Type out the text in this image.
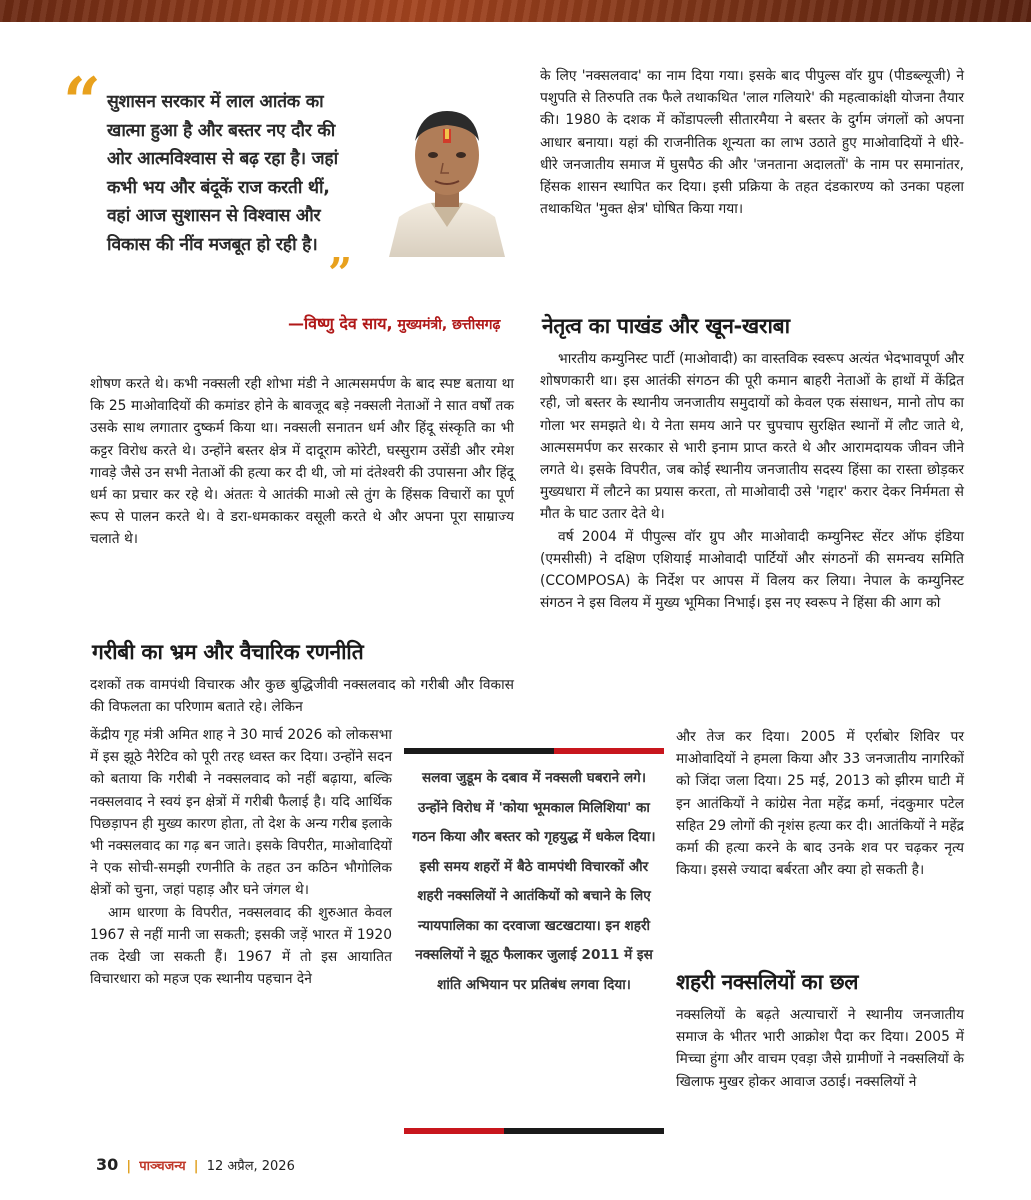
“ सुशासन सरकार में लाल आतंक का
खात्मा हुआ है और बस्तर नए दौर की
ओर आत्मविश्वास से बढ़ रहा है। जहां
कभी भय और बंदूकें राज करती थीं,
वहां आज सुशासन से विश्वास और
विकास की नींव मजबूत हो रही है।
”
—विष्णु देव साय, मुख्यमंत्री, छत्तीसगढ़

शोषण करते थे। कभी नक्सली रही शोभा मंडी ने आत्मसमर्पण के बाद स्पष्ट बताया था कि 25 माओवादियों की कमांडर होने के बावजूद बड़े नक्सली नेताओं ने सात वर्षों तक उसके साथ लगातार दुष्कर्म किया था। नक्सली सनातन धर्म और हिंदू संस्कृति का भी कट्टर विरोध करते थे। उन्होंने बस्तर क्षेत्र में दादूराम कोरेटी, घस्सुराम उसेंडी और रमेश गावड़े जैसे उन सभी नेताओं की हत्या कर दी थी, जो मां दंतेश्वरी की उपासना और हिंदू धर्म का प्रचार कर रहे थे। अंततः ये आतंकी माओ त्से तुंग के हिंसक विचारों का पूर्ण रूप से पालन करते थे। वे डरा-धमकाकर वसूली करते थे और अपना पूरा साम्राज्य चलाते थे।

गरीबी का भ्रम और वैचारिक रणनीति

दशकों तक वामपंथी विचारक और कुछ बुद्धिजीवी नक्सलवाद को गरीबी और विकास की विफलता का परिणाम बताते रहे। लेकिन

केंद्रीय गृह मंत्री अमित शाह ने 30 मार्च 2026 को लोकसभा में इस झूठे नैरेटिव को पूरी तरह ध्वस्त कर दिया। उन्होंने सदन को बताया कि गरीबी ने नक्सलवाद को नहीं बढ़ाया, बल्कि नक्सलवाद ने स्वयं इन क्षेत्रों में गरीबी फैलाई है। यदि आर्थिक पिछड़ापन ही मुख्य कारण होता, तो देश के अन्य गरीब इलाके भी नक्सलवाद का गढ़ बन जाते। इसके विपरीत, माओवादियों ने एक सोची-समझी रणनीति के तहत उन कठिन भौगोलिक क्षेत्रों को चुना, जहां पहाड़ और घने जंगल थे।

आम धारणा के विपरीत, नक्सलवाद की शुरुआत केवल 1967 से नहीं मानी जा सकती; इसकी जड़ें भारत में 1920 तक देखी जा सकती हैं। 1967 में तो इस आयातित विचारधारा को महज एक स्थानीय पहचान देने

के लिए 'नक्सलवाद' का नाम दिया गया। इसके बाद पीपुल्स वॉर ग्रुप (पीडब्ल्यूजी) ने पशुपति से तिरुपति तक फैले तथाकथित 'लाल गलियारे' की महत्वाकांक्षी योजना तैयार की। 1980 के दशक में कोंडापल्ली सीतारमैया ने बस्तर के दुर्गम जंगलों को अपना आधार बनाया। यहां की राजनीतिक शून्यता का लाभ उठाते हुए माओवादियों ने धीरे-धीरे जनजातीय समाज में घुसपैठ की और 'जनताना अदालतों' के नाम पर समानांतर, हिंसक शासन स्थापित कर दिया। इसी प्रक्रिया के तहत दंडकारण्य को उनका पहला तथाकथित 'मुक्त क्षेत्र' घोषित किया गया।

नेतृत्व का पाखंड और खून-खराबा

भारतीय कम्युनिस्ट पार्टी (माओवादी) का वास्तविक स्वरूप अत्यंत भेदभावपूर्ण और शोषणकारी था। इस आतंकी संगठन की पूरी कमान बाहरी नेताओं के हाथों में केंद्रित रही, जो बस्तर के स्थानीय जनजातीय समुदायों को केवल एक संसाधन, मानो तोप का गोला भर समझते थे। ये नेता समय आने पर चुपचाप सुरक्षित स्थानों में लौट जाते थे, आत्मसमर्पण कर सरकार से भारी इनाम प्राप्त करते थे और आरामदायक जीवन जीने लगते थे। इसके विपरीत, जब कोई स्थानीय जनजातीय सदस्य हिंसा का रास्ता छोड़कर मुख्यधारा में लौटने का प्रयास करता, तो माओवादी उसे 'गद्दार' करार देकर निर्ममता से मौत के घाट उतार देते थे।

वर्ष 2004 में पीपुल्स वॉर ग्रुप और माओवादी कम्युनिस्ट सेंटर ऑफ इंडिया (एमसीसी) ने दक्षिण एशियाई माओवादी पार्टियों और संगठनों की समन्वय समिति (CCOMPOSA) के निर्देश पर आपस में विलय कर लिया। नेपाल के कम्युनिस्ट संगठन ने इस विलय में मुख्य भूमिका निभाई। इस नए स्वरूप ने हिंसा की आग को

और तेज कर दिया। 2005 में एर्राबोर शिविर पर माओवादियों ने हमला किया और 33 जनजातीय नागरिकों को जिंदा जला दिया। 25 मई, 2013 को झीरम घाटी में इन आतंकियों ने कांग्रेस नेता महेंद्र कर्मा, नंदकुमार पटेल सहित 29 लोगों की नृशंस हत्या कर दी। आतंकियों ने महेंद्र कर्मा की हत्या करने के बाद उनके शव पर चढ़कर नृत्य किया। इससे ज्यादा बर्बरता और क्या हो सकती है।

शहरी नक्सलियों का छल

नक्सलियों के बढ़ते अत्याचारों ने स्थानीय जनजातीय समाज के भीतर भारी आक्रोश पैदा कर दिया। 2005 में मिच्चा हुंगा और वाचम एवड़ा जैसे ग्रामीणों ने नक्सलियों के खिलाफ मुखर होकर आवाज उठाई। नक्सलियों ने

सलवा जुडूम के दबाव में नक्सली घबराने लगे। उन्होंने विरोध में 'कोया भूमकाल मिलिशिया' का गठन किया और बस्तर को गृहयुद्ध में धकेल दिया। इसी समय शहरों में बैठे वामपंथी विचारकों और शहरी नक्सलियों ने आतंकियों को बचाने के लिए न्यायपालिका का दरवाजा खटखटाया। इन शहरी नक्सलियों ने झूठ फैलाकर जुलाई 2011 में इस शांति अभियान पर प्रतिबंध लगवा दिया।
30 | पाञ्चजन्य | 12 अप्रैल, 2026
